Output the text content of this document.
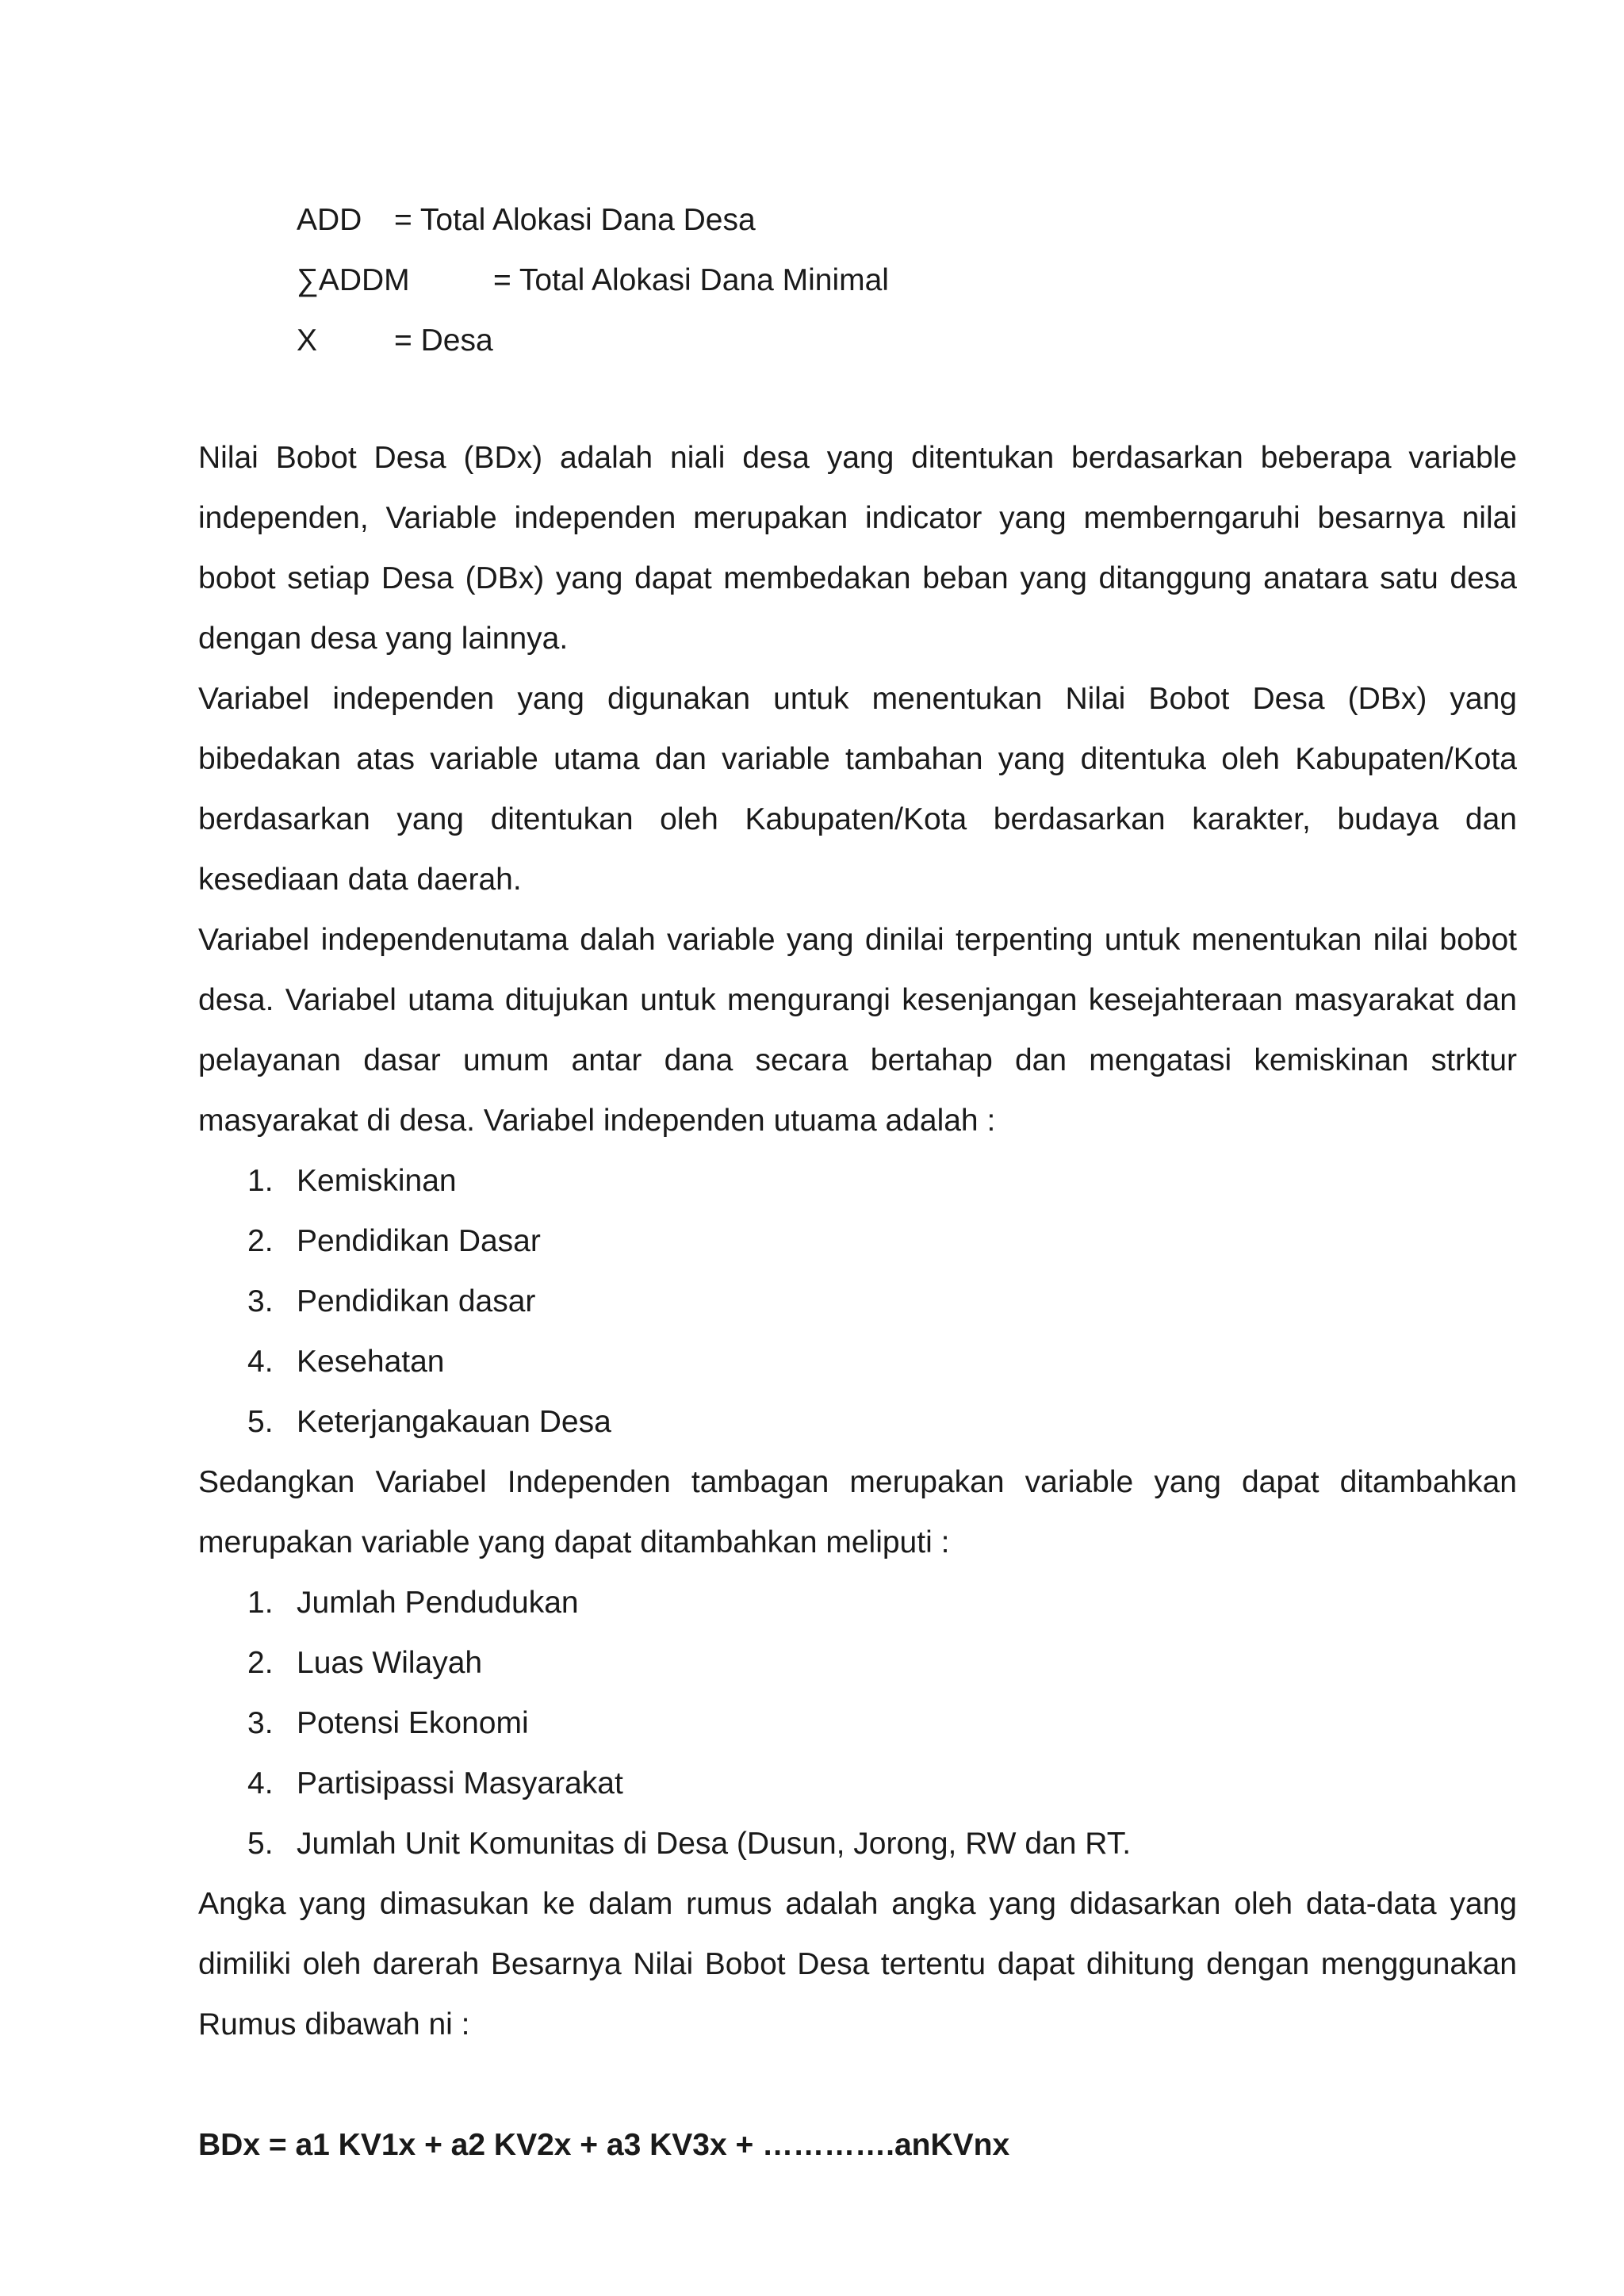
ADD = Total Alokasi Dana Desa
∑ADDM	= Total Alokasi Dana Minimal
X = Desa

Nilai Bobot Desa (BDx) adalah niali desa yang ditentukan berdasarkan beberapa variable independen, Variable independen merupakan indicator yang memberngaruhi besarnya nilai bobot setiap Desa (DBx) yang dapat membedakan beban yang ditanggung anatara satu desa dengan desa yang lainnya.

Variabel independen yang digunakan untuk menentukan Nilai Bobot Desa (DBx) yang bibedakan atas variable utama dan variable tambahan yang ditentuka oleh Kabupaten/Kota berdasarkan yang ditentukan oleh Kabupaten/Kota berdasarkan karakter, budaya dan kesediaan data daerah.

Variabel independenutama dalah variable yang dinilai terpenting untuk menentukan nilai bobot desa. Variabel utama ditujukan untuk mengurangi kesenjangan kesejahteraan masyarakat dan pelayanan dasar umum antar dana secara bertahap dan mengatasi kemiskinan strktur masyarakat di desa. Variabel independen utuama adalah :

1. Kemiskinan
2. Pendidikan Dasar
3. Pendidikan dasar
4. Kesehatan
5. Keterjangakauan Desa

Sedangkan Variabel Independen tambagan merupakan variable yang dapat ditambahkan merupakan variable yang dapat ditambahkan meliputi :

1. Jumlah Pendudukan
2. Luas Wilayah
3. Potensi Ekonomi
4. Partisipassi Masyarakat
5. Jumlah Unit Komunitas di Desa (Dusun, Jorong, RW dan RT.

Angka yang dimasukan ke dalam rumus adalah angka yang didasarkan oleh data-data yang dimiliki oleh darerah Besarnya Nilai Bobot Desa tertentu dapat dihitung dengan menggunakan Rumus dibawah ni :

BDx = a1 KV1x + a2 KV2x + a3 KV3x + ………….anKVnx
